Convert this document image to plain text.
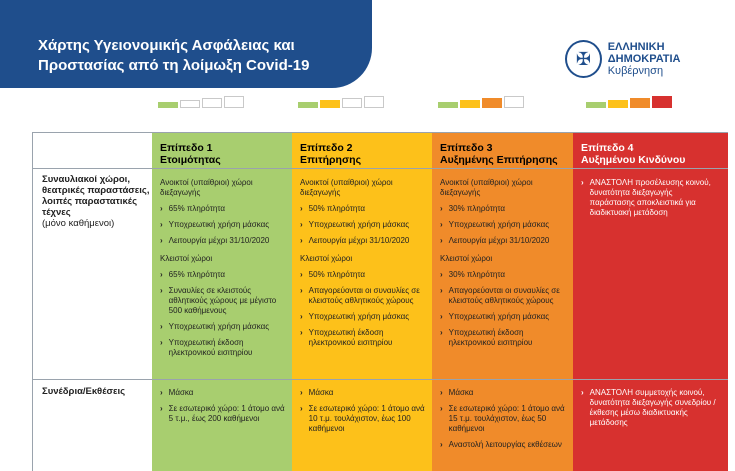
Χάρτης Υγειονομικής Ασφάλειας και
Προστασίας από τη λοίμωξη Covid-19	✠
ΕΛΛΗΝΙΚΗ ΔΗΜΟΚΡΑΤΙΑ
Κυβέρνηση
Συναυλιακοί χώροι, θεατρικές παραστάσεις, λοιπές παραστατικές τέχνες
(μόνο καθήμενοι)
Συνέδρια/Εκθέσεις
Επίπεδο 1
Ετοιμότητας

Ανοικτοί (υπαίθριοι) χώροι διεξαγωγής

› 65% πληρότητα

› Υποχρεωτική χρήση μάσκας

› Λειτουργία μέχρι 31/10/2020

Κλειστοί χώροι

› 65% πληρότητα

› Συναυλίες σε κλειστούς αθλητικούς χώρους με μέγιστο 500 καθήμενους

› Υποχρεωτική χρήση μάσκας

› Υποχρεωτική έκδοση ηλεκτρονικού εισιτηρίου

› Μάσκα

› Σε εσωτερικό χώρο: 1 άτομο ανά 5 τ.μ., έως 200 καθήμενοι

Επίπεδο 2
Επιτήρησης

Ανοικτοί (υπαίθριοι) χώροι διεξαγωγής

› 50% πληρότητα

› Υποχρεωτική χρήση μάσκας

› Λειτουργία μέχρι 31/10/2020

Κλειστοί χώροι

› 50% πληρότητα

› Απαγορεύονται οι συναυλίες σε κλειστούς αθλητικούς χώρους

› Υποχρεωτική χρήση μάσκας

› Υποχρεωτική έκδοση ηλεκτρονικού εισιτηρίου

› Μάσκα

› Σε εσωτερικό χώρο: 1 άτομο ανά 10 τ.μ. τουλάχιστον, έως 100 καθήμενοι

Επίπεδο 3
Αυξημένης Επιτήρησης

Ανοικτοί (υπαίθριοι) χώροι διεξαγωγής

› 30% πληρότητα

› Υποχρεωτική χρήση μάσκας

› Λειτουργία μέχρι 31/10/2020

Κλειστοί χώροι

› 30% πληρότητα

› Απαγορεύονται οι συναυλίες σε κλειστούς αθλητικούς χώρους

› Υποχρεωτική χρήση μάσκας

› Υποχρεωτική έκδοση ηλεκτρονικού εισιτηρίου

› Μάσκα

› Σε εσωτερικό χώρο: 1 άτομο ανά 15 τ.μ. τουλάχιστον, έως 50 καθήμενοι

› Αναστολή λειτουργίας εκθέσεων

Επίπεδο 4
Αυξημένου Κινδύνου

› ΑΝΑΣΤΟΛΗ προσέλευσης κοινού, δυνατότητα διεξαγωγής παράστασης αποκλειστικά για διαδικτυακή μετάδοση

› ΑΝΑΣΤΟΛΗ συμμετοχής κοινού, δυνατότητα διεξαγωγής συνεδρίου / έκθεσης μέσω διαδικτυακής μετάδοσης
